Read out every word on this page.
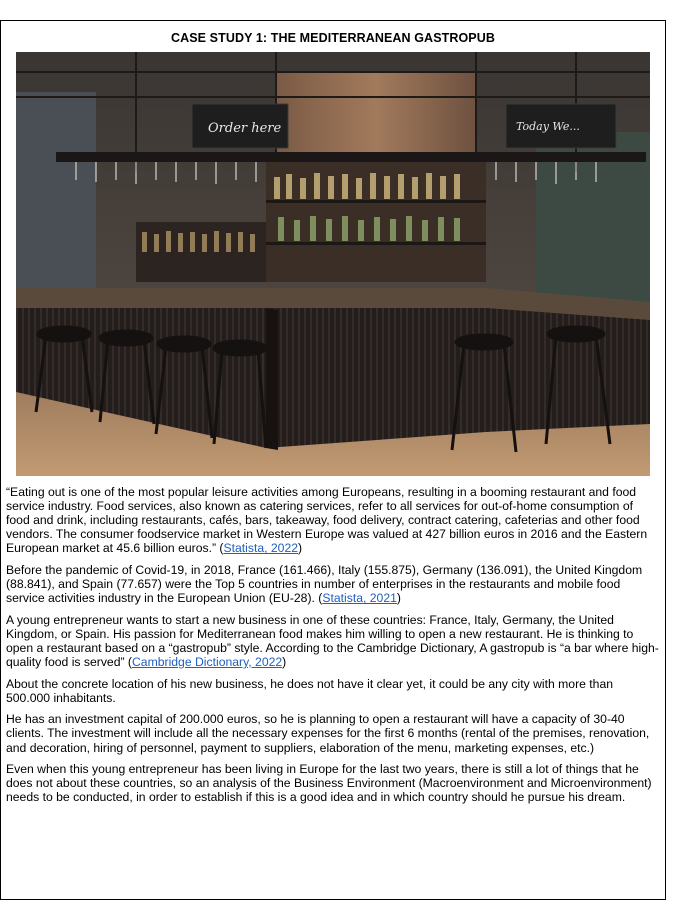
CASE STUDY 1: THE MEDITERRANEAN GASTROPUB
Order here	Today We...

“Eating out is one of the most popular leisure activities among Europeans, resulting in a booming restaurant and food service industry. Food services, also known as catering services, refer to all services for out-of-home consumption of food and drink, including restaurants, cafés, bars, takeaway, food delivery, contract catering, cafeterias and other food vendors. The consumer foodservice market in Western Europe was valued at 427 billion euros in 2016 and the Eastern European market at 45.6 billion euros.” (Statista, 2022)

Before the pandemic of Covid-19, in 2018, France (161.466), Italy (155.875), Germany (136.091), the United Kingdom (88.841), and Spain (77.657) were the Top 5 countries in number of enterprises in the restaurants and mobile food service activities industry in the European Union (EU-28). (Statista, 2021)

A young entrepreneur wants to start a new business in one of these countries: France, Italy, Germany, the United Kingdom, or Spain. His passion for Mediterranean food makes him willing to open a new restaurant. He is thinking to open a restaurant based on a “gastropub” style. According to the Cambridge Dictionary, A gastropub is “a bar where high-quality food is served” (Cambridge Dictionary, 2022)

About the concrete location of his new business, he does not have it clear yet, it could be any city with more than 500.000 inhabitants.

He has an investment capital of 200.000 euros, so he is planning to open a restaurant will have a capacity of 30-40 clients. The investment will include all the necessary expenses for the first 6 months (rental of the premises, renovation, and decoration, hiring of personnel, payment to suppliers, elaboration of the menu, marketing expenses, etc.)

Even when this young entrepreneur has been living in Europe for the last two years, there is still a lot of things that he does not about these countries, so an analysis of the Business Environment (Macroenvironment and Microenvironment) needs to be conducted, in order to establish if this is a good idea and in which country should he pursue his dream.
